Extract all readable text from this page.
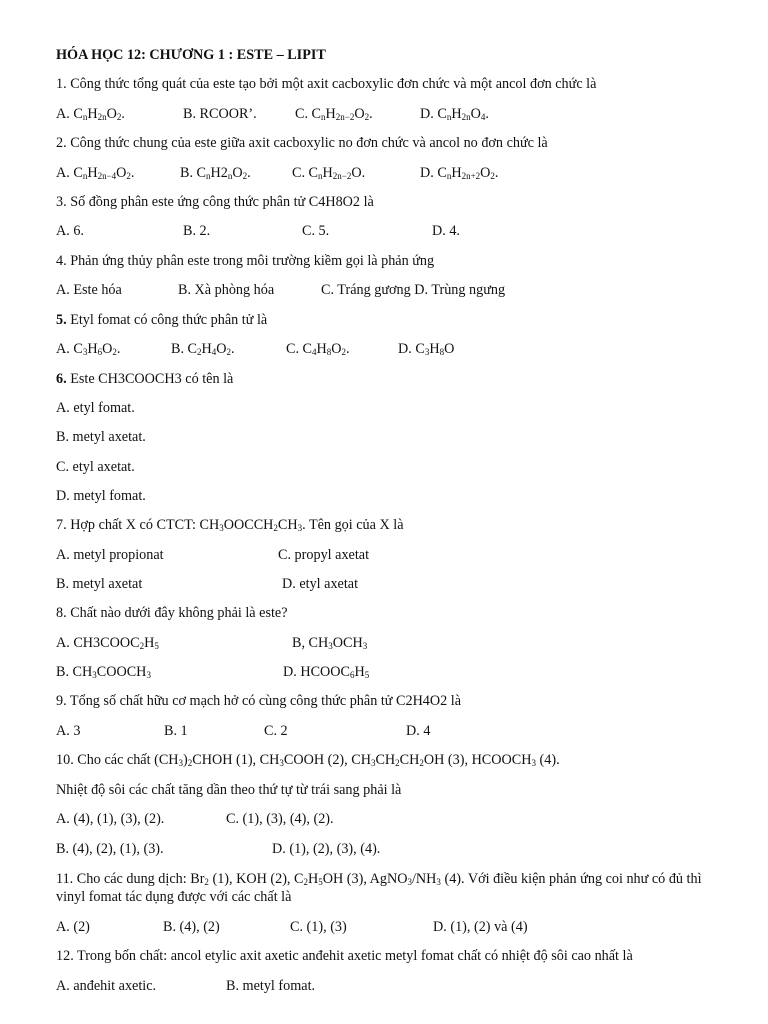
HÓA HỌC 12: CHƯƠNG 1 : ESTE – LIPIT
1. Công thức tổng quát của este tạo bởi một axit cacboxylic đơn chức và một ancol đơn chức là
A. $C_nH_{2n}O_2$.	B. RCOOR’.	C. $C_nH_{2n-2}O_2$.	D. $C_nH_{2n}O_4$.
2. Công thức chung của este giữa axit cacboxylic no đơn chức và ancol no đơn chức là
A. $C_nH_{2n-4}O_2$.	B. $C_nH2_nO_2$.	C. $C_nH_{2n-2}O$.	D. $C_nH_{2n+2}O_2$.
3. Số đồng phân este ứng công thức phân tử C4H8O2 là
A. 6.	B. 2.	C. 5.	D. 4.
4. Phản ứng thủy phân este trong môi trường kiềm gọi là phản ứng
A. Este hóa	B. Xà phòng hóa	C. Tráng gương D. Trùng ngưng
5. Etyl fomat có công thức phân tử là
A. $C_3H_6O_2$.	B. $C_2H_4O_2$.	C. $C_4H_8O_2$.	D. $C_3H_8O$
6. Este CH3COOCH3 có tên là
A. etyl fomat.
B. metyl axetat.
C. etyl axetat.
D. metyl fomat.
7. Hợp chất X có CTCT: $CH_3OOCCH_2CH_3$. Tên gọi của X là
A. metyl propionat	C. propyl axetat
B. metyl axetat	D. etyl axetat
8. Chất nào dưới đây không phải là este?
A. $CH3COOC_2H_5$	B, $CH_3OCH_3$
B. $CH_3COOCH_3$	D. $HCOOC_6H_5$
9. Tổng số chất hữu cơ mạch hở có cùng công thức phân tử C2H4O2 là
A. 3	B. 1	C. 2	D. 4
10. Cho các chất $(CH_3)_2CHOH$ (1), $CH_3COOH$ (2), $CH_3CH_2CH_2OH$ (3), $HCOOCH_3$ (4).
Nhiệt độ sôi các chất tăng dần theo thứ tự từ trái sang phải là
A. (4), (1), (3), (2).	C. (1), (3), (4), (2).
B. (4), (2), (1), (3).	D. (1), (2), (3), (4).
11. Cho các dung dịch: $Br_2$ (1), KOH (2), $C_2H_5OH$ (3), $AgNO_3/NH_3$ (4). Với điều kiện phản ứng coi như có đủ thì vinyl fomat tác dụng được với các chất là
A. (2)	B. (4), (2)	C. (1), (3)	D. (1), (2) và (4)
12. Trong bốn chất: ancol etylic axit axetic anđehit axetic metyl fomat chất có nhiệt độ sôi cao nhất là
A. anđehit axetic.	B. metyl fomat.
